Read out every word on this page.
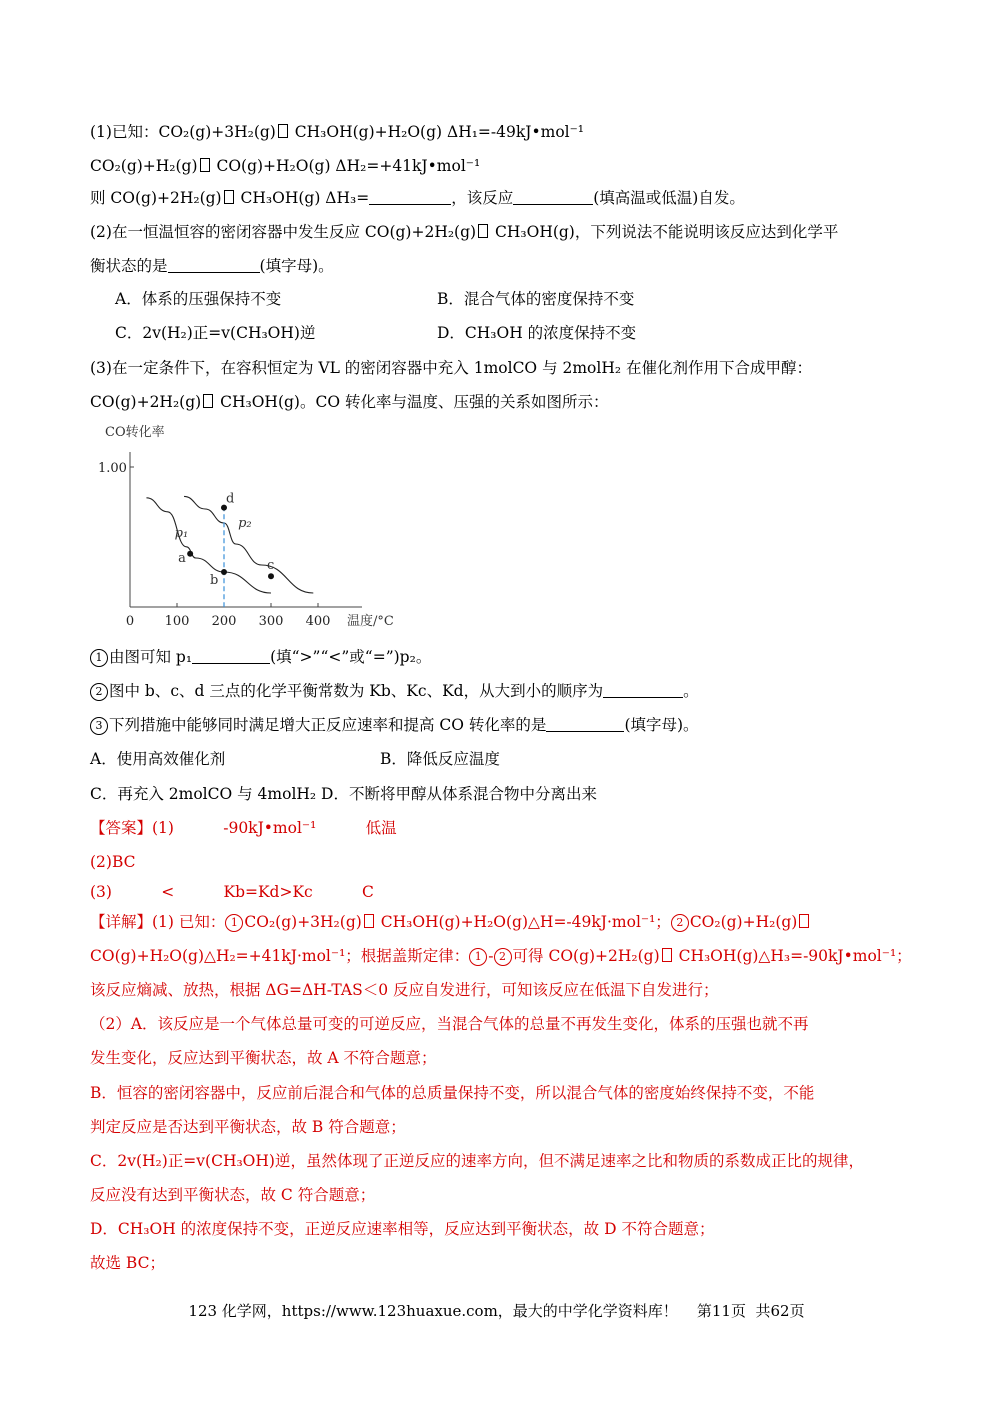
(1)已知：CO₂(g)+3H₂(g) CH₃OH(g)+H₂O(g) ΔH₁=-49kJ•mol⁻¹
CO₂(g)+H₂(g) CO(g)+H₂O(g) ΔH₂=+41kJ•mol⁻¹
则 CO(g)+2H₂(g) CH₃OH(g) ΔH₃=	，该反应	(填高温或低温)自发。
(2)在一恒温恒容的密闭容器中发生反应 CO(g)+2H₂(g) CH₃OH(g)，下列说法不能说明该反应达到化学平
衡状态的是	(填字母)。
A．体系的压强保持不变	B．混合气体的密度保持不变
C．2v(H₂)正=v(CH₃OH)逆	D．CH₃OH 的浓度保持不变
(3)在一定条件下，在容积恒定为 VL 的密闭容器中充入 1molCO 与 2molH₂ 在催化剂作用下合成甲醇：
CO(g)+2H₂(g) CH₃OH(g)。CO 转化率与温度、压强的关系如图所示：
CO转化率
温度/°C
1.00
0 100 200 300 400
p₁
p₂
a
b
c
d
1 由图可知 p₁	(填“>”“<”或“=”)p₂。
2 图中 b、c、d 三点的化学平衡常数为 Kb、Kc、Kd，从大到小的顺序为	。
3 下列措施中能够同时满足增大正反应速率和提高 CO 转化率的是	(填字母)。
A．使用高效催化剂	B．降低反应温度
C．再充入 2molCO 与 4molH₂ D．不断将甲醇从体系混合物中分离出来
【答案】(1)          -90kJ•mol⁻¹          低温
(2)BC
(3)          <          Kb=Kd>Kc          C
【详解】(1) 已知： 1 CO₂(g)+3H₂(g) CH₃OH(g)+H₂O(g)△H=-49kJ·mol⁻¹； 2 CO₂(g)+H₂(g)
CO(g)+H₂O(g)△H₂=+41kJ·mol⁻¹；根据盖斯定律： 1 - 2 可得 CO(g)+2H₂(g) CH₃OH(g)△H₃=-90kJ•mol⁻¹；
该反应熵减、放热，根据 ΔG=ΔH-TAS＜0 反应自发进行，可知该反应在低温下自发进行；
（2）A．该反应是一个气体总量可变的可逆反应，当混合气体的总量不再发生变化，体系的压强也就不再
发生变化，反应达到平衡状态，故 A 不符合题意；
B．恒容的密闭容器中，反应前后混合和气体的总质量保持不变，所以混合气体的密度始终保持不变，不能
判定反应是否达到平衡状态，故 B 符合题意；
C．2v(H₂)正=v(CH₃OH)逆，虽然体现了正逆反应的速率方向，但不满足速率之比和物质的系数成正比的规律，
反应没有达到平衡状态，故 C 符合题意；
D．CH₃OH 的浓度保持不变，正逆反应速率相等，反应达到平衡状态，故 D 不符合题意；
故选 BC；
123 化学网，https://www.123huaxue.com，最大的中学化学资料库！    第11页  共62页
